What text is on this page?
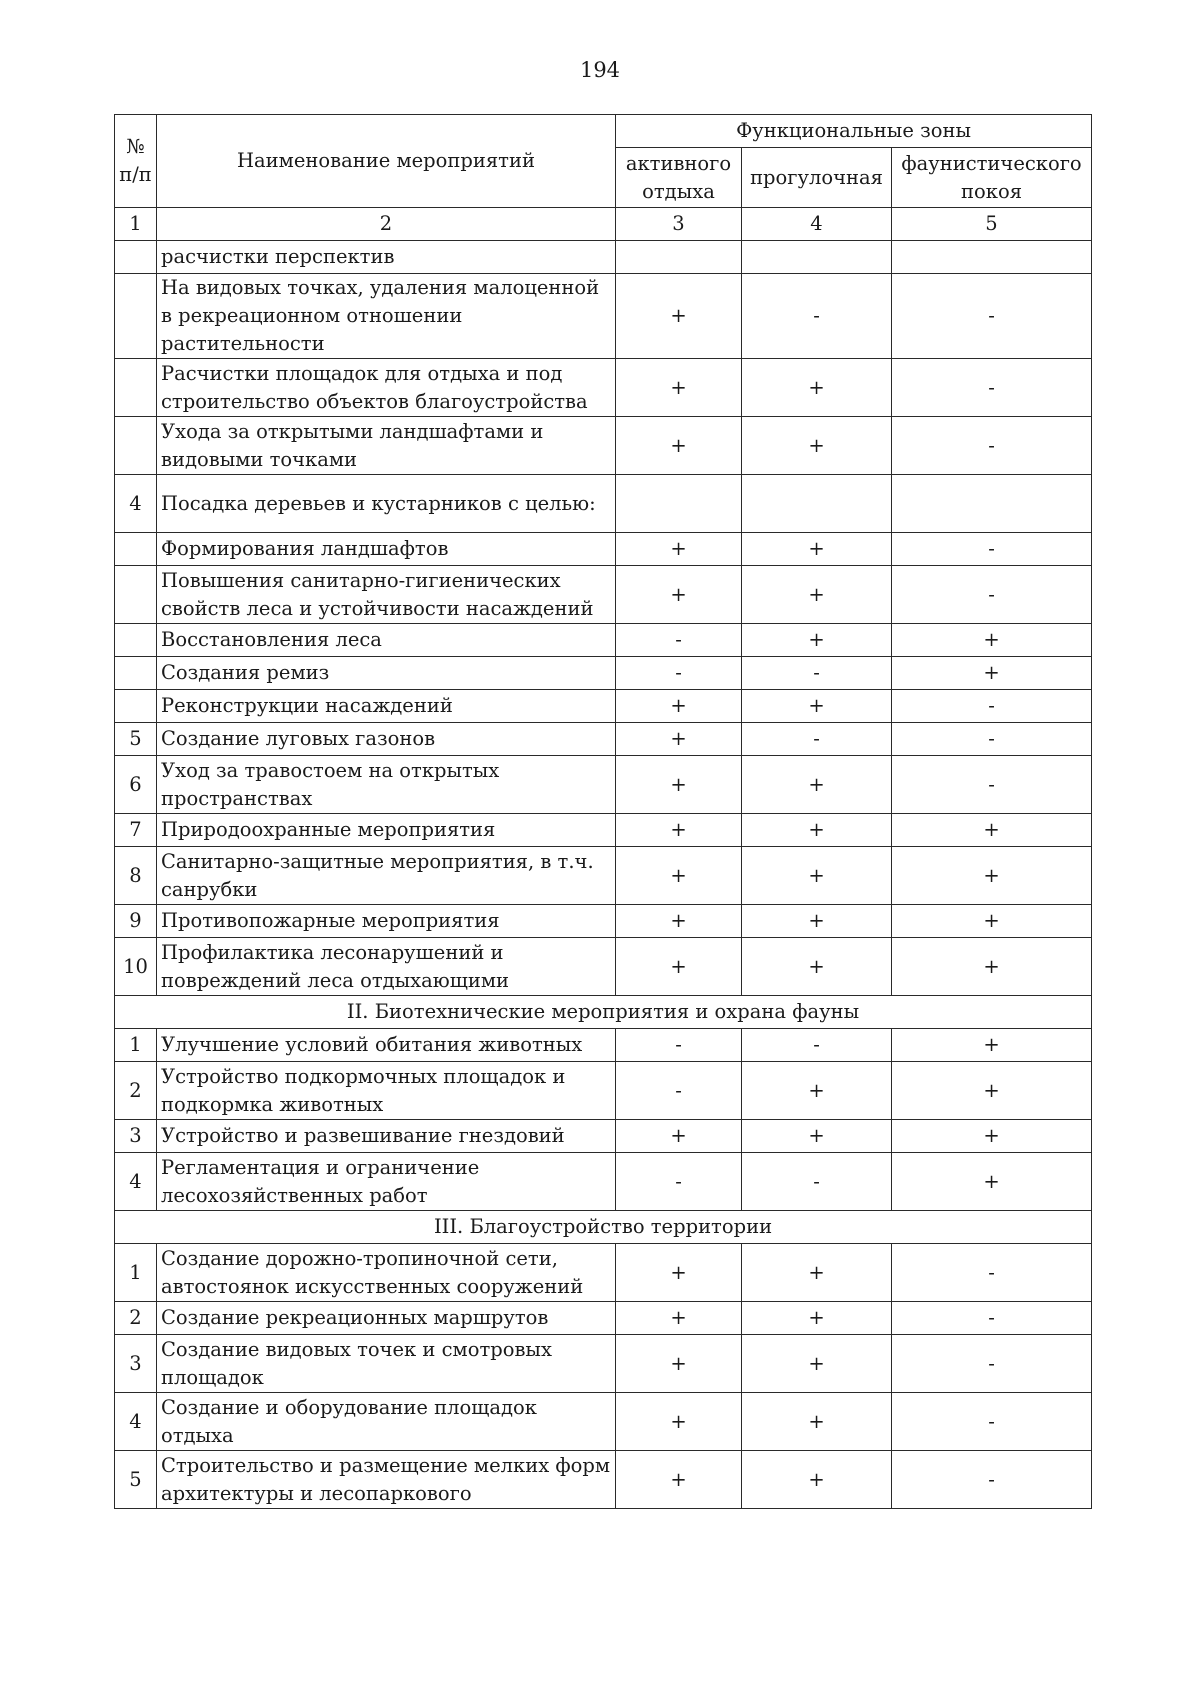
194
№ п/п	Наименование мероприятий	Функциональные зоны		
		активного отдыха	прогулочная	фаунистического покоя
1	2	3	4	5
	расчистки перспектив			
	На видовых точках, удаления малоценной в рекреационном отношении растительности	+	-	-
	Расчистки площадок для отдыха и под строительство объектов благоустройства	+	+	-
	Ухода за открытыми ландшафтами и видовыми точками	+	+	-
4	Посадка деревьев и кустарников с целью:			
	Формирования ландшафтов	+	+	-
	Повышения санитарно-гигиенических свойств леса и устойчивости насаждений	+	+	-
	Восстановления леса	-	+	+
	Создания ремиз	-	-	+
	Реконструкции насаждений	+	+	-
5	Создание луговых газонов	+	-	-
6	Уход за травостоем на открытых пространствах	+	+	-
7	Природоохранные мероприятия	+	+	+
8	Санитарно-защитные мероприятия, в т.ч. санрубки	+	+	+
9	Противопожарные мероприятия	+	+	+
10	Профилактика лесонарушений и повреждений леса отдыхающими	+	+	+
II. Биотехнические мероприятия и охрана фауны				
1	Улучшение условий обитания животных	-	-	+
2	Устройство подкормочных площадок и подкормка животных	-	+	+
3	Устройство и развешивание гнездовий	+	+	+
4	Регламентация и ограничение лесохозяйственных работ	-	-	+
III. Благоустройство территории				
1	Создание дорожно-тропиночной сети, автостоянок искусственных сооружений	+	+	-
2	Создание рекреационных маршрутов	+	+	-
3	Создание видовых точек и смотровых площадок	+	+	-
4	Создание и оборудование площадок отдыха	+	+	-
5	Строительство и размещение мелких форм архитектуры и лесопаркового	+	+	-
